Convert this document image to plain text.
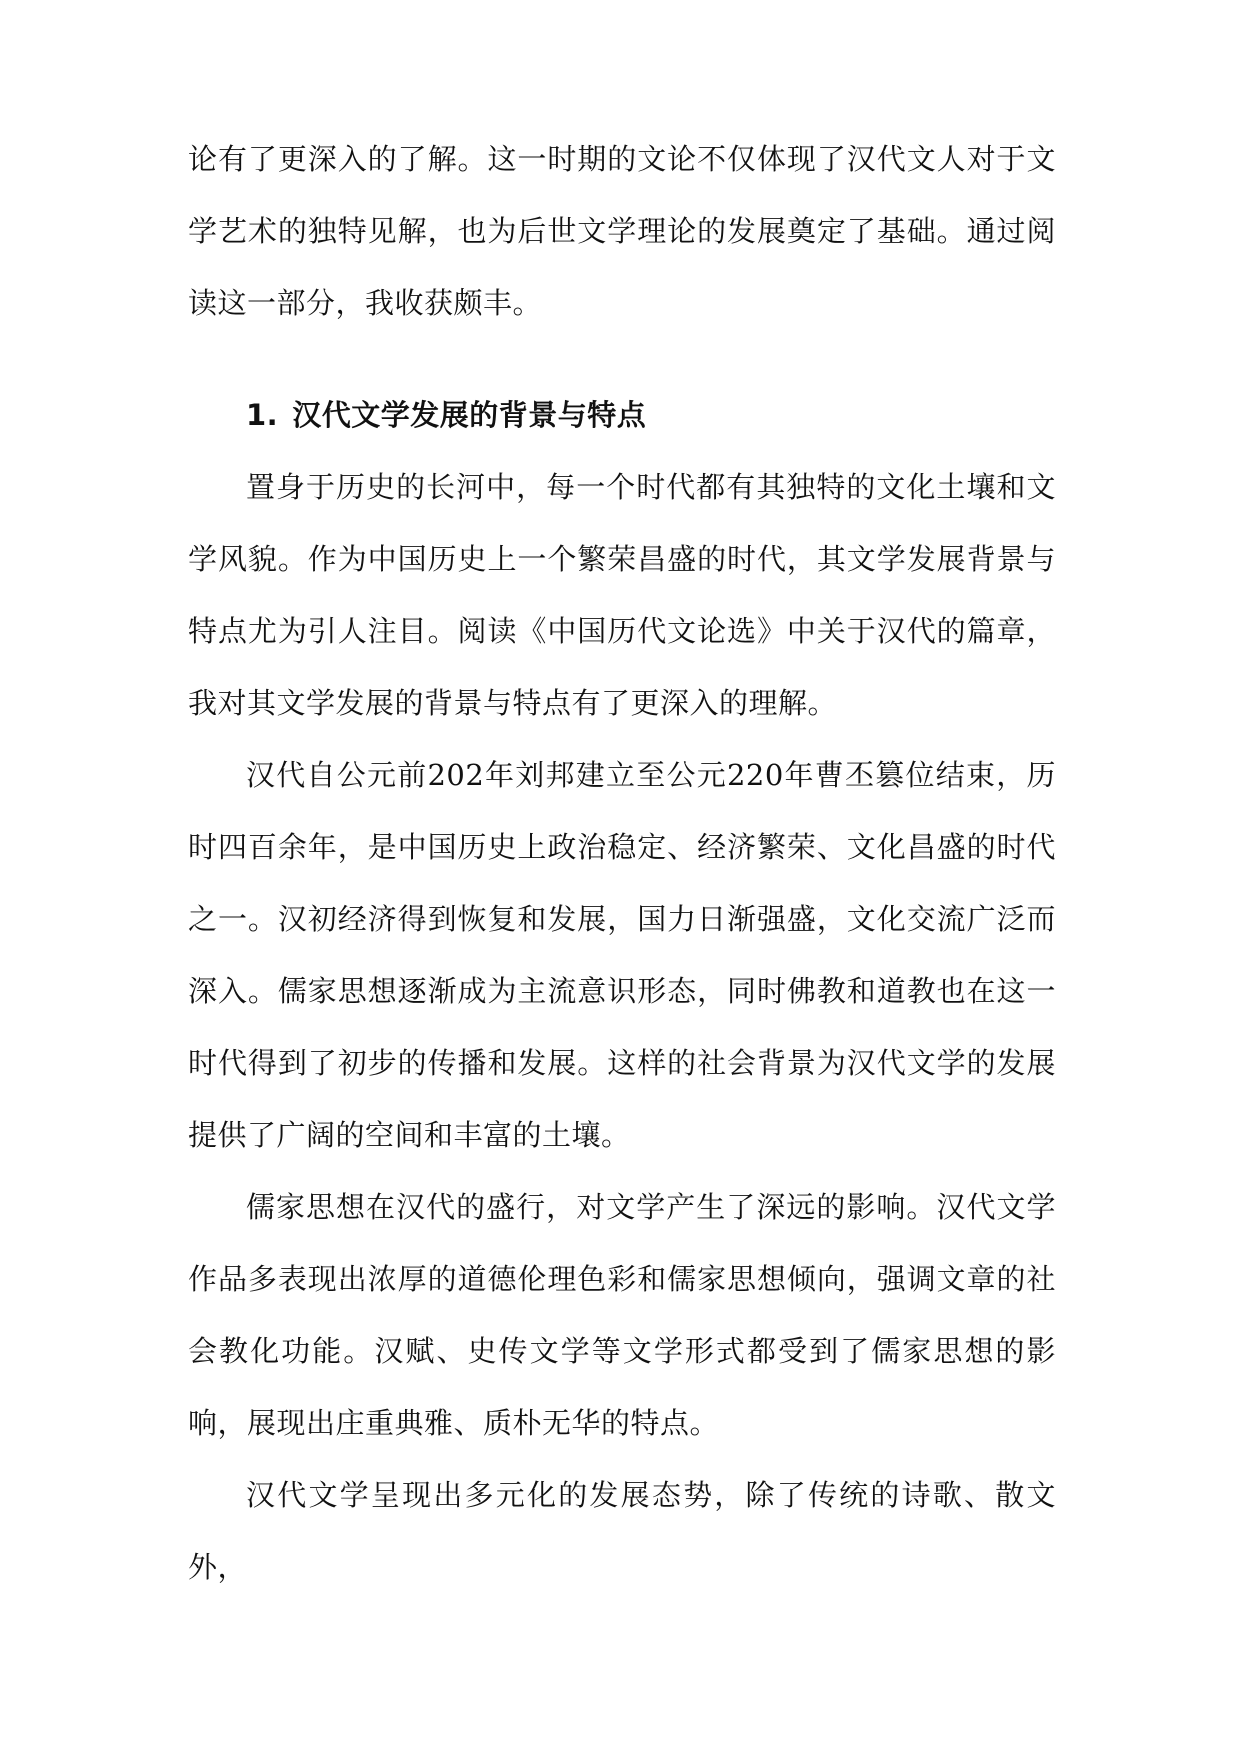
论有了更深入的了解。这一时期的文论不仅体现了汉代文人对于文学艺术的独特见解，也为后世文学理论的发展奠定了基础。通过阅读这一部分，我收获颇丰。

1. 汉代文学发展的背景与特点

置身于历史的长河中，每一个时代都有其独特的文化土壤和文学风貌。作为中国历史上一个繁荣昌盛的时代，其文学发展背景与特点尤为引人注目。阅读《中国历代文论选》中关于汉代的篇章，我对其文学发展的背景与特点有了更深入的理解。

汉代自公元前202年刘邦建立至公元220年曹丕篡位结束，历时四百余年，是中国历史上政治稳定、经济繁荣、文化昌盛的时代之一。汉初经济得到恢复和发展，国力日渐强盛，文化交流广泛而深入。儒家思想逐渐成为主流意识形态，同时佛教和道教也在这一时代得到了初步的传播和发展。这样的社会背景为汉代文学的发展提供了广阔的空间和丰富的土壤。

儒家思想在汉代的盛行，对文学产生了深远的影响。汉代文学作品多表现出浓厚的道德伦理色彩和儒家思想倾向，强调文章的社会教化功能。汉赋、史传文学等文学形式都受到了儒家思想的影响，展现出庄重典雅、质朴无华的特点。

汉代文学呈现出多元化的发展态势，除了传统的诗歌、散文外，
